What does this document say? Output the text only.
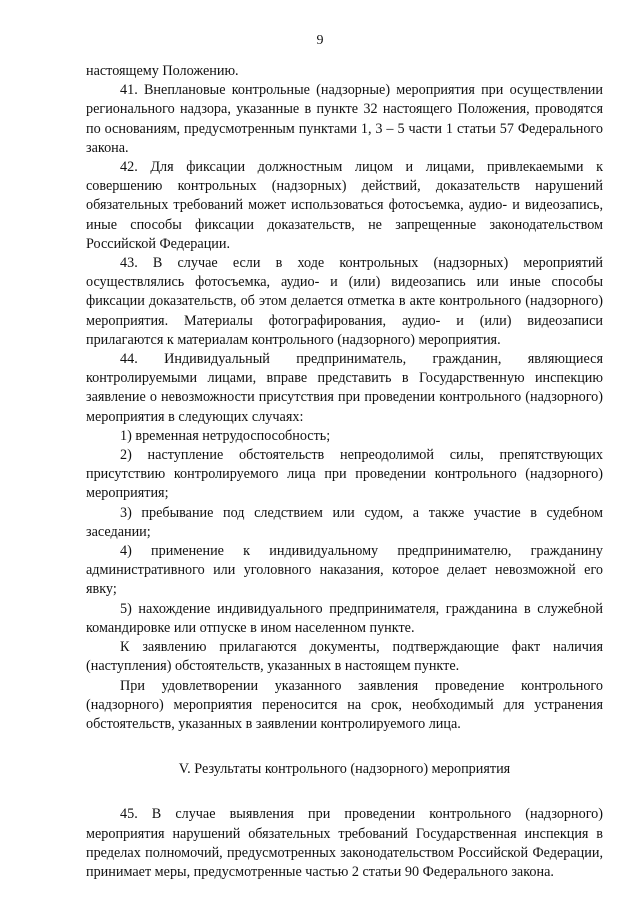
9

настоящему Положению.

41. Внеплановые контрольные (надзорные) мероприятия при осуществлении регионального надзора, указанные в пункте 32 настоящего Положения, проводятся по основаниям, предусмотренным пунктами 1, 3 – 5 части 1 статьи 57 Федерального закона.

42. Для фиксации должностным лицом и лицами, привлекаемыми к совершению контрольных (надзорных) действий, доказательств нарушений обязательных требований может использоваться фотосъемка, аудио- и видеозапись, иные способы фиксации доказательств, не запрещенные законодательством Российской Федерации.

43. В случае если в ходе контрольных (надзорных) мероприятий осуществлялись фотосъемка, аудио- и (или) видеозапись или иные способы фиксации доказательств, об этом делается отметка в акте контрольного (надзорного) мероприятия. Материалы фотографирования, аудио- и (или) видеозаписи прилагаются к материалам контрольного (надзорного) мероприятия.

44. Индивидуальный предприниматель, гражданин, являющиеся контролируемыми лицами, вправе представить в Государственную инспекцию заявление о невозможности присутствия при проведении контрольного (надзорного) мероприятия в следующих случаях:

1) временная нетрудоспособность;

2) наступление обстоятельств непреодолимой силы, препятствующих присутствию контролируемого лица при проведении контрольного (надзорного) мероприятия;

3) пребывание под следствием или судом, а также участие в судебном заседании;

4) применение к индивидуальному предпринимателю, гражданину административного или уголовного наказания, которое делает невозможной его явку;

5) нахождение индивидуального предпринимателя, гражданина в служебной командировке или отпуске в ином населенном пункте.

К заявлению прилагаются документы, подтверждающие факт наличия (наступления) обстоятельств, указанных в настоящем пункте.

При удовлетворении указанного заявления проведение контрольного (надзорного) мероприятия переносится на срок, необходимый для устранения обстоятельств, указанных в заявлении контролируемого лица.

V. Результаты контрольного (надзорного) мероприятия

45. В случае выявления при проведении контрольного (надзорного) мероприятия нарушений обязательных требований Государственная инспекция в пределах полномочий, предусмотренных законодательством Российской Федерации, принимает меры, предусмотренные частью 2 статьи 90 Федерального закона.
